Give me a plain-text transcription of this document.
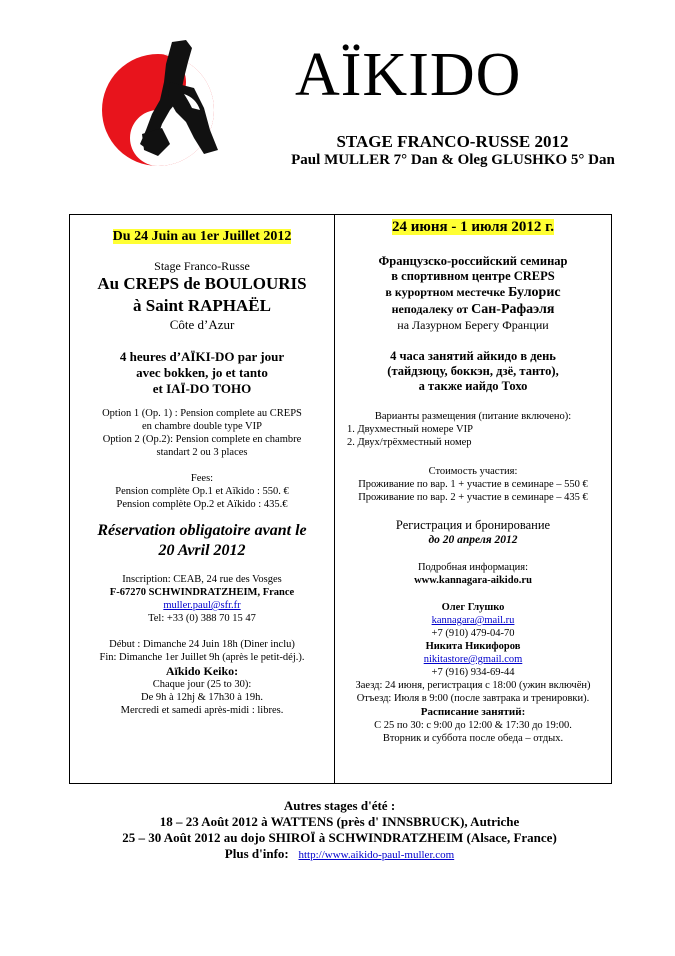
AÏKIDO
STAGE FRANCO-RUSSE 2012
Paul MULLER 7° Dan & Oleg GLUSHKO 5° Dan
Du 24 Juin au 1er Juillet 2012
Stage Franco-Russe
Au CREPS de BOULOURIS
à Saint RAPHAËL
Côte d’Azur
4 heures d’AÏKI-DO par jour
avec bokken, jo et tanto
et IAÏ-DO TOHO
Option 1 (Op. 1) : Pension complete au CREPS
en chambre double type VIP
Option 2 (Op.2): Pension complete en chambre
standart 2 ou 3 places
Fees:
Pension complète Op.1 et Aïkido : 550. €
Pension complète Op.2 et Aïkido : 435.€
Réservation obligatoire avant le
20 Avril 2012
Inscription: CEAB, 24 rue des Vosges
F-67270 SCHWINDRATZHEIM, France
muller.paul@sfr.fr
Tel: +33 (0) 388 70 15 47
Début : Dimanche 24 Juin 18h (Diner inclu)
Fin: Dimanche 1er Juillet 9h (après le petit-déj.).
Aïkido Keiko:
Chaque jour (25 to 30):
De 9h à 12hj & 17h30 à 19h.
Mercredi et samedi après-midi : libres.
24 июня - 1 июля 2012 г.
Французско-российский семинар
в спортивном центре CREPS
в курортном местечке Булорис
неподалеку от Сан-Рафаэля
на Лазурном Берегу Франции
4 часа занятий айкидо в день
(тайдзюцу, боккэн, дзё, танто),
а также иайдо Тохо
Варианты размещения (питание включено):
1. Двухместный номере VIP
2. Двух/трёхместный номер
Стоимость участия:
Проживание по вар. 1 + участие в семинаре – 550 €
Проживание по вар. 2 + участие в семинаре – 435 €
Регистрация и бронирование
до 20 апреля 2012
Подробная информация:
www.kannagara-aikido.ru
Олег Глушко
kannagara@mail.ru
+7 (910) 479-04-70
Никита Никифоров
nikitastore@gmail.com
+7 (916) 934-69-44
Заезд: 24 июня, регистрация с 18:00 (ужин включён)
Отъезд: Июля в 9:00 (после завтрака и тренировки).
Расписание занятий:
С 25 по 30: с 9:00 до 12:00 & 17:30 до 19:00.
Вторник и суббота после обеда – отдых.
Autres stages d'été :
18 – 23 Août 2012 à WATTENS (près d' INNSBRUCK), Autriche
25 – 30 Août 2012 au dojo SHIROÏ à SCHWINDRATZHEIM (Alsace, France)
Plus d'info: http://www.aikido-paul-muller.com
